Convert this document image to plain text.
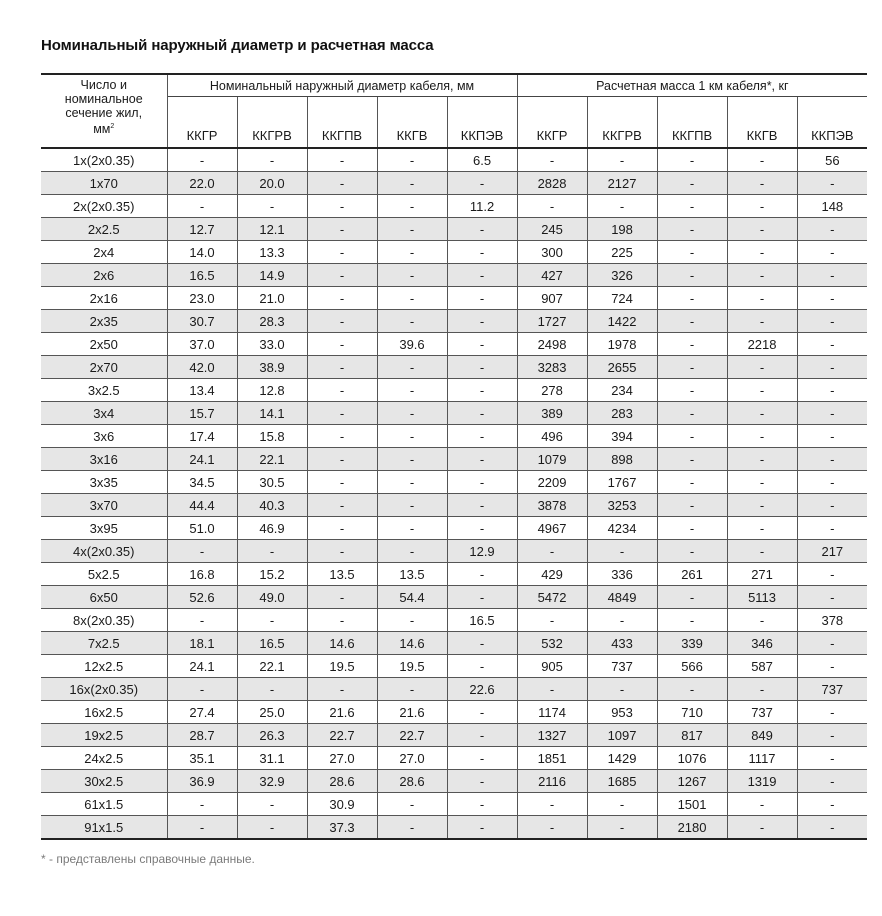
Номинальный наружный диаметр и расчетная масса
Число и
номинальное
сечение жил,
$мм^2$	Номинальный наружный диаметр кабеля, мм					Расчетная масса 1 км кабеля*, кг				
	ККГР	ККГРВ	ККГПВ	ККГВ	ККПЭВ	ККГР	ККГРВ	ККГПВ	ККГВ	ККПЭВ
1x(2x0.35)	-	-	-	-	6.5	-	-	-	-	56
1x70	22.0	20.0	-	-	-	2828	2127	-	-	-
2x(2x0.35)	-	-	-	-	11.2	-	-	-	-	148
2x2.5	12.7	12.1	-	-	-	245	198	-	-	-
2x4	14.0	13.3	-	-	-	300	225	-	-	-
2x6	16.5	14.9	-	-	-	427	326	-	-	-
2x16	23.0	21.0	-	-	-	907	724	-	-	-
2x35	30.7	28.3	-	-	-	1727	1422	-	-	-
2x50	37.0	33.0	-	39.6	-	2498	1978	-	2218	-
2x70	42.0	38.9	-	-	-	3283	2655	-	-	-
3x2.5	13.4	12.8	-	-	-	278	234	-	-	-
3x4	15.7	14.1	-	-	-	389	283	-	-	-
3x6	17.4	15.8	-	-	-	496	394	-	-	-
3x16	24.1	22.1	-	-	-	1079	898	-	-	-
3x35	34.5	30.5	-	-	-	2209	1767	-	-	-
3x70	44.4	40.3	-	-	-	3878	3253	-	-	-
3x95	51.0	46.9	-	-	-	4967	4234	-	-	-
4x(2x0.35)	-	-	-	-	12.9	-	-	-	-	217
5x2.5	16.8	15.2	13.5	13.5	-	429	336	261	271	-
6x50	52.6	49.0	-	54.4	-	5472	4849	-	5113	-
8x(2x0.35)	-	-	-	-	16.5	-	-	-	-	378
7x2.5	18.1	16.5	14.6	14.6	-	532	433	339	346	-
12x2.5	24.1	22.1	19.5	19.5	-	905	737	566	587	-
16x(2x0.35)	-	-	-	-	22.6	-	-	-	-	737
16x2.5	27.4	25.0	21.6	21.6	-	1174	953	710	737	-
19x2.5	28.7	26.3	22.7	22.7	-	1327	1097	817	849	-
24x2.5	35.1	31.1	27.0	27.0	-	1851	1429	1076	1117	-
30x2.5	36.9	32.9	28.6	28.6	-	2116	1685	1267	1319	-
61x1.5	-	-	30.9	-	-	-	-	1501	-	-
91x1.5	-	-	37.3	-	-	-	-	2180	-	-
* - представлены справочные данные.
